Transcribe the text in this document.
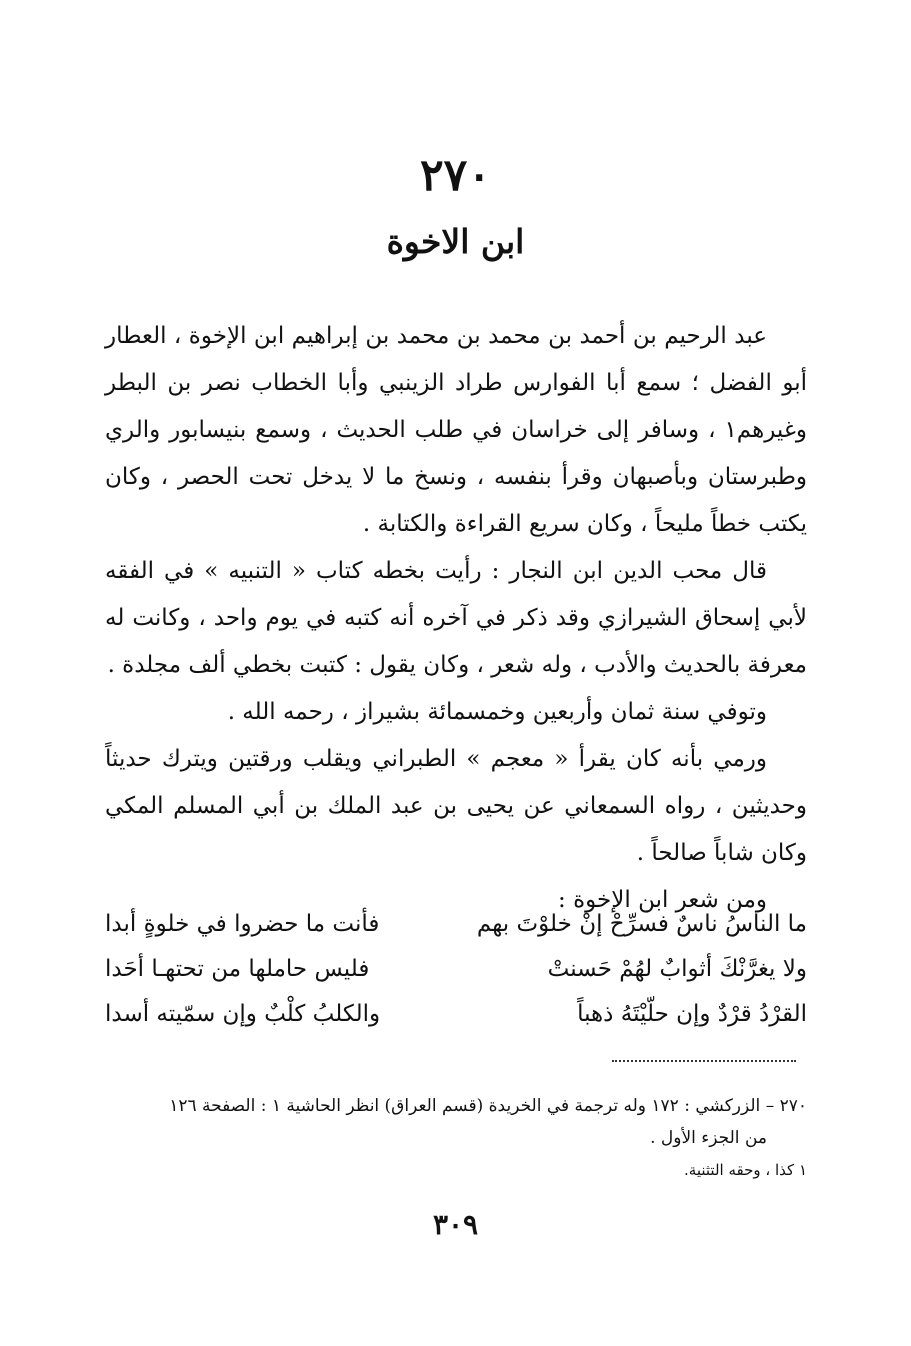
٢٧٠
ابن الاخوة

عبد الرحيم بن أحمد بن محمد بن محمد بن إبراهيم ابن الإخوة ، العطار أبو الفضل ؛ سمع أبا الفوارس طراد الزينبي وأبا الخطاب نصر بن البطر وغيرهم١ ، وسافر إلى خراسان في طلب الحديث ، وسمع بنيسابور والري وطبرستان وبأصبهان وقرأ بنفسه ، ونسخ ما لا يدخل تحت الحصر ، وكان يكتب خطاً مليحاً ، وكان سريع القراءة والكتابة .

قال محب الدين ابن النجار : رأيت بخطه كتاب « التنبيه » في الفقه لأبي إسحاق الشيرازي وقد ذكر في آخره أنه كتبه في يوم واحد ، وكانت له معرفة بالحديث والأدب ، وله شعر ، وكان يقول : كتبت بخطي ألف مجلدة .

وتوفي سنة ثمان وأربعين وخمسمائة بشيراز ، رحمه الله .

ورمي بأنه كان يقرأ « معجم » الطبراني ويقلب ورقتين ويترك حديثاً وحديثين ، رواه السمعاني عن يحيى بن عبد الملك بن أبي المسلم المكي وكان شاباً صالحاً .

ومن شعر ابن الإخوة :

ما الناسُ ناسٌ فسرِّحْ إنْ خلوْتَ بهم
فأنت ما حضروا في خلوةٍ أبدا
ولا يغرَّنْكَ أثوابٌ لهُمْ حَسنتْ
فليس حاملها من تحتهـا أحَدا
القرْدُ قرْدٌ وإن حلّيْتَهُ ذهباً
والكلبُ كلْبٌ وإن سمّيته أسدا

٢٧٠ – الزركشي : ١٧٢ وله ترجمة في الخريدة (قسم العراق) انظر الحاشية ١ : الصفحة ١٢٦

من الجزء الأول .

١ كذا ، وحقه التثنية.

٣٠٩
